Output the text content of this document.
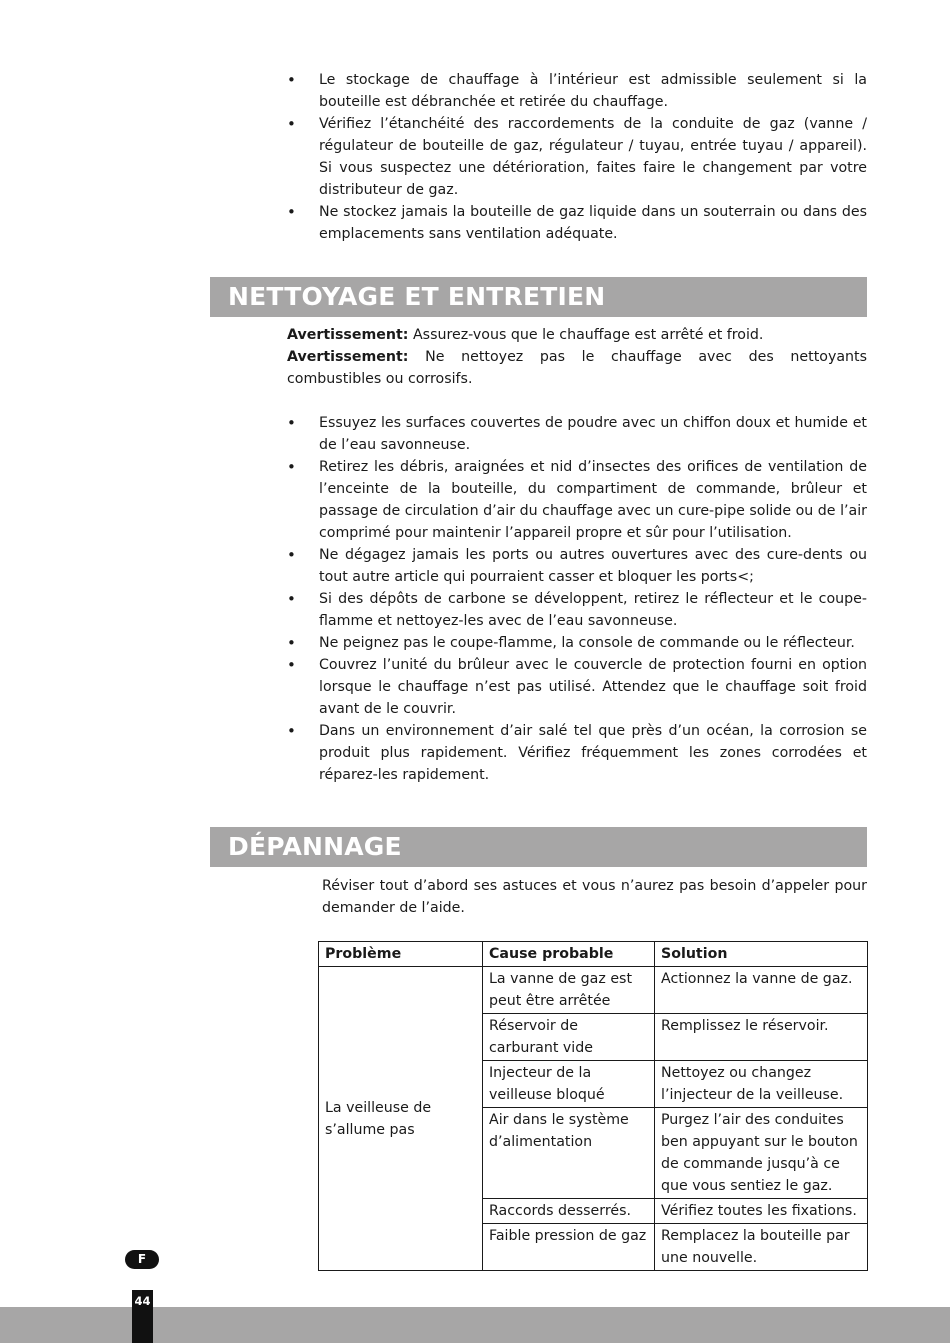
• Le stockage de chauffage à l’intérieur est admissible seulement si la bouteille est débranchée et retirée du chauffage.
• Vérifiez l’étanchéité des raccordements de la conduite de gaz (vanne / régulateur de bouteille de gaz, régulateur / tuyau, entrée tuyau / appareil). Si vous suspectez une détérioration, faites faire le changement par votre distributeur de gaz.
• Ne stockez jamais la bouteille de gaz liquide dans un souterrain ou dans des emplacements sans ventilation adéquate.
NETTOYAGE ET ENTRETIEN

Avertissement: Assurez-vous que le chauffage est arrêté et froid.

Avertissement: Ne nettoyez pas le chauffage avec des nettoyants combustibles ou corrosifs.

• Essuyez les surfaces couvertes de poudre avec un chiffon doux et humide et de l’eau savonneuse.
• Retirez les débris, araignées et nid d’insectes des orifices de ventilation de l’enceinte de la bouteille, du compartiment de commande, brûleur et passage de circulation d’air du chauffage avec un cure-pipe solide ou de l’air comprimé pour maintenir l’appareil propre et sûr pour l’utilisation.
• Ne dégagez jamais les ports ou autres ouvertures avec des cure-dents ou tout autre article qui pourraient casser et bloquer les ports<;
• Si des dépôts de carbone se développent, retirez le réflecteur et le coupe-flamme et nettoyez-les avec de l’eau savonneuse.
• Ne peignez pas le coupe-flamme, la console de commande ou le réflecteur.
• Couvrez l’unité du brûleur avec le couvercle de protection fourni en option lorsque le chauffage n’est pas utilisé. Attendez que le chauffage soit froid avant de le couvrir.
• Dans un environnement d’air salé tel que près d’un océan, la corrosion se produit plus rapidement. Vérifiez fréquemment les zones corrodées et réparez-les rapidement.
DÉPANNAGE

Réviser tout d’abord ses astuces et vous n’aurez pas besoin d’appeler pour demander de l’aide.

Problème	Cause probable	Solution
La veilleuse de s’allume pas	La vanne de gaz est peut être arrêtée	Actionnez la vanne de gaz.
	Réservoir de carburant vide	Remplissez le réservoir.
	Injecteur de la veilleuse bloqué	Nettoyez ou changez l’injecteur de la veilleuse.
	Air dans le système d’alimentation	Purgez l’air des conduites ben appuyant sur le bouton de commande jusqu’à ce que vous sentiez le gaz.
	Raccords desserrés.	Vérifiez toutes les fixations.
	Faible pression de gaz	Remplacez la bouteille par une nouvelle.
F
44
